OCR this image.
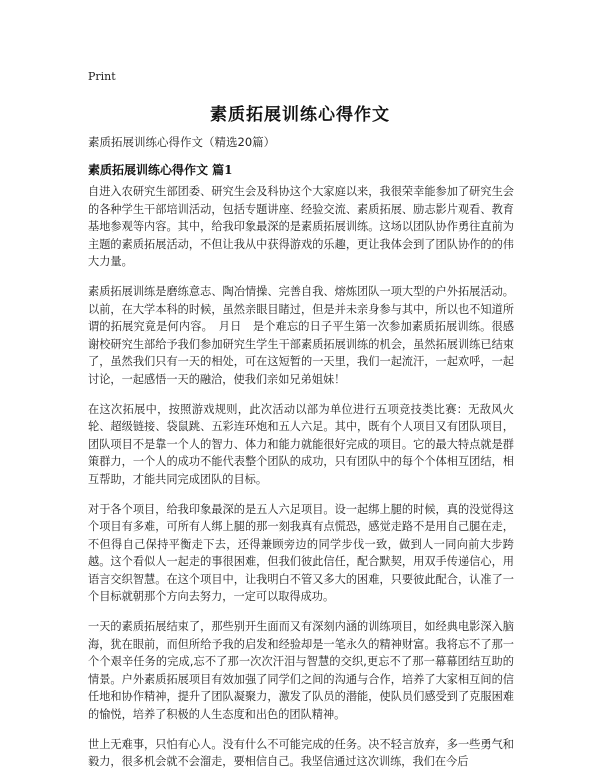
Print
素质拓展训练心得作文
素质拓展训练心得作文（精选20篇）
素质拓展训练心得作文 篇1

自进入农研究生部团委、研究生会及科协这个大家庭以来，我很荣幸能参加了研究生会的各种学生干部培训活动，包括专题讲座、经验交流、素质拓展、励志影片观看、教育基地参观等内容。其中，给我印象最深的是素质拓展训练。这场以团队协作勇往直前为主题的素质拓展活动，不但让我从中获得游戏的乐趣，更让我体会到了团队协作的的伟大力量。

素质拓展训练是磨练意志、陶冶情操、完善自我、熔炼团队一项大型的户外拓展活动。以前，在大学本科的时候，虽然亲眼目睹过，但是并未亲身参与其中，所以也不知道所谓的拓展究竟是何内容。　月日　是个难忘的日子平生第一次参加素质拓展训练。很感谢校研究生部给予我们参加研究生学生干部素质拓展训练的机会，虽然拓展训练已结束了，虽然我们只有一天的相处，可在这短暂的一天里，我们一起流汗，一起欢呼，一起讨论，一起感悟一天的融洽，使我们亲如兄弟姐妹！

在这次拓展中，按照游戏规则，此次活动以部为单位进行五项竞技类比赛：无敌风火轮、超级链接、袋鼠跳、五彩连环炮和五人六足。其中，既有个人项目又有团队项目，团队项目不是靠一个人的智力、体力和能力就能很好完成的项目。它的最大特点就是群策群力，一个人的成功不能代表整个团队的成功，只有团队中的每个个体相互团结，相互帮助，才能共同完成团队的目标。

对于各个项目，给我印象最深的是五人六足项目。设一起绑上腿的时候，真的没觉得这个项目有多难，可所有人绑上腿的那一刻我真有点慌恐，感觉走路不是用自己腿在走，不但得自己保持平衡走下去，还得兼顾旁边的同学步伐一致，做到人一同向前大步跨越。这个看似人一起走的事很困难，但我们彼此信任，配合默契，用双手传递信心，用语言交织智慧。在这个项目中，让我明白不管又多大的困难，只要彼此配合，认准了一个目标就朝那个方向去努力，一定可以取得成功。

一天的素质拓展结束了，那些别开生面而又有深刻内涵的训练项目，如经典电影深入脑海，犹在眼前，而但所给予我的启发和经验却是一笔永久的精神财富。我将忘不了那一个个艰辛任务的完成,忘不了那一次次汗泪与智慧的交织,更忘不了那一幕幕团结互助的情景。户外素质拓展项目有效加强了同学们之间的沟通与合作，培养了大家相互间的信任地和协作精神，提升了团队凝聚力，激发了队员的潜能，使队员们感受到了克服困难的愉悦，培养了积极的人生态度和出色的团队精神。

世上无难事，只怕有心人。没有什么不可能完成的任务。决不轻言放弃，多一些勇气和毅力，很多机会就不会溜走，要相信自己。我坚信通过这次训练，我们在今后
